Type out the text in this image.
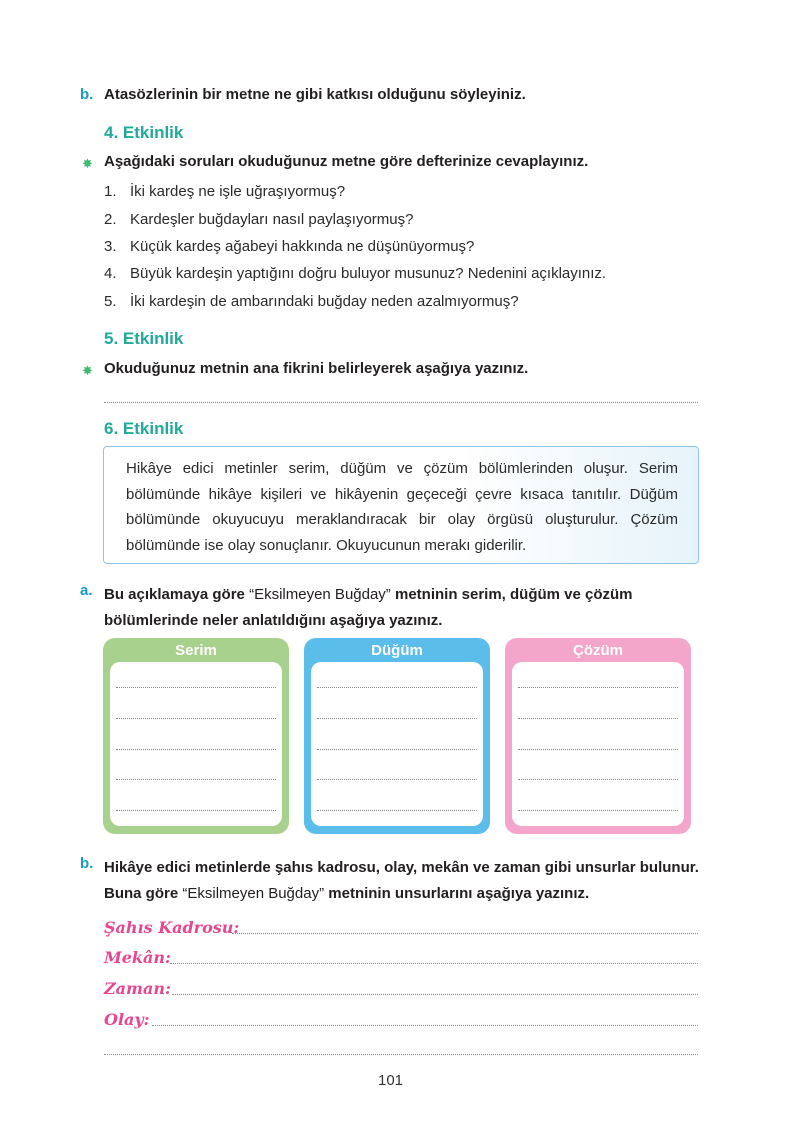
b. Atasözlerinin bir metne ne gibi katkısı olduğunu söyleyiniz.
4. Etkinlik
✸ Aşağıdaki soruları okuduğunuz metne göre defterinize cevaplayınız.
1. İki kardeş ne işle uğraşıyormuş?
2. Kardeşler buğdayları nasıl paylaşıyormuş?
3. Küçük kardeş ağabeyi hakkında ne düşünüyormuş?
4. Büyük kardeşin yaptığını doğru buluyor musunuz? Nedenini açıklayınız.
5. İki kardeşin de ambarındaki buğday neden azalmıyormuş?
5. Etkinlik
✸ Okuduğunuz metnin ana fikrini belirleyerek aşağıya yazınız.
6. Etkinlik
Hikâye edici metinler serim, düğüm ve çözüm bölümlerinden oluşur. Serim bölümünde hikâye kişileri ve hikâyenin geçeceği çevre kısaca tanıtılır. Düğüm bölümünde okuyucuyu meraklandıracak bir olay örgüsü oluşturulur. Çözüm bölümünde ise olay sonuçlanır. Okuyucunun merakı giderilir.
a. Bu açıklamaya göre “Eksilmeyen Buğday” metninin serim, düğüm ve çözüm bölümlerinde neler anlatıldığını aşağıya yazınız.
Serim	Düğüm	Çözüm
b. Hikâye edici metinlerde şahıs kadrosu, olay, mekân ve zaman gibi unsurlar bulunur. Buna göre “Eksilmeyen Buğday” metninin unsurlarını aşağıya yazınız.
Şahıs Kadrosu:
Mekân:
Zaman:
Olay:
101
